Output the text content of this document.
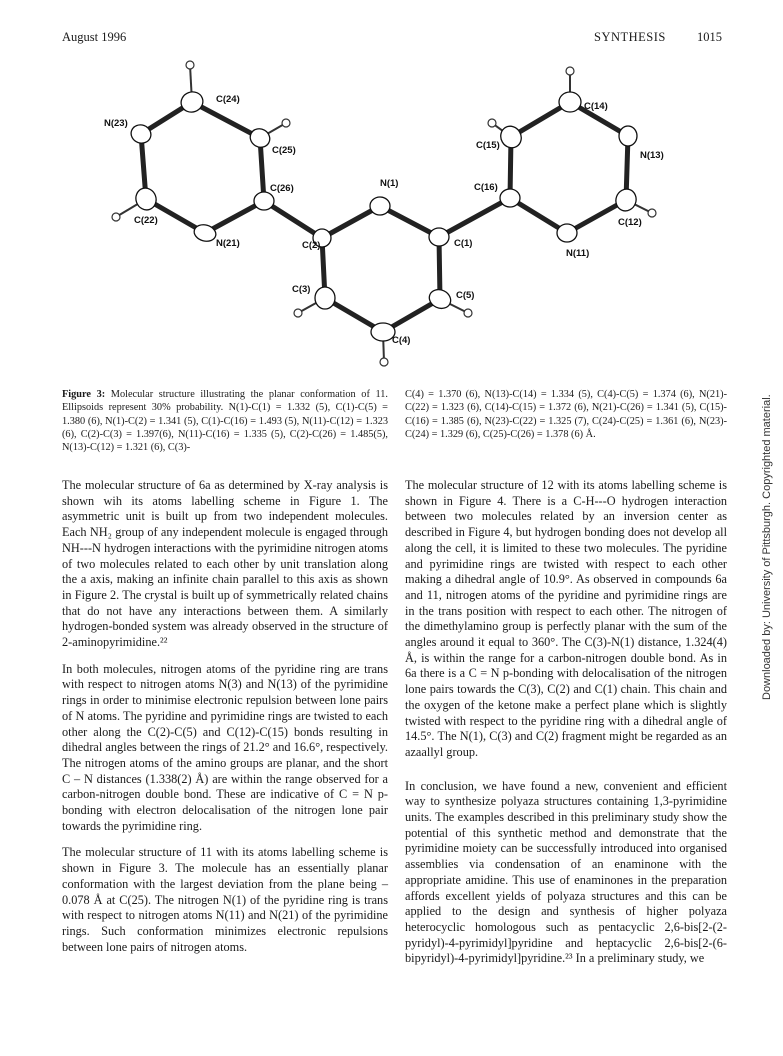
August 1996	SYNTHESIS 1015
N(23)
C(24)
C(25)
C(26)
C(22)
N(21)
N(1)
C(2)	C(1)
C(3)
C(4)
C(5)
C(16)
C(15)
C(14)
N(13)
C(12)
N(11)
Figure 3: Molecular structure illustrating the planar conformation of 11. Ellipsoids represent 30% probability. N(1)-C(1) = 1.332 (5), C(1)-C(5) = 1.380 (6), N(1)-C(2) = 1.341 (5), C(1)-C(16) = 1.493 (5), N(11)-C(12) = 1.323 (6), C(2)-C(3) = 1.397(6), N(11)-C(16) = 1.335 (5), C(2)-C(26) = 1.485(5), N(13)-C(12) = 1.321 (6), C(3)-
C(4) = 1.370 (6), N(13)-C(14) = 1.334 (5), C(4)-C(5) = 1.374 (6), N(21)-C(22) = 1.323 (6), C(14)-C(15) = 1.372 (6), N(21)-C(26) = 1.341 (5), C(15)-C(16) = 1.385 (6), N(23)-C(22) = 1.325 (7), C(24)-C(25) = 1.361 (6), N(23)-C(24) = 1.329 (6), C(25)-C(26) = 1.378 (6) Å.

The molecular structure of 6a as determined by X-ray analysis is shown wih its atoms labelling scheme in Figure 1. The asymmetric unit is built up from two independent molecules. Each NH₂ group of any independent molecule is engaged through NH---N hydrogen interactions with the pyrimidine nitrogen atoms of two molecules related to each other by unit translation along the a axis, making an infinite chain parallel to this axis as shown in Figure 2. The crystal is built up of symmetrically related chains that do not have any interactions between them. A similarly hydrogen-bonded system was already observed in the structure of 2-aminopyrimidine.²²

In both molecules, nitrogen atoms of the pyridine ring are trans with respect to nitrogen atoms N(3) and N(13) of the pyrimidine rings in order to minimise electronic repulsion between lone pairs of N atoms. The pyridine and pyrimidine rings are twisted to each other along the C(2)-C(5) and C(12)-C(15) bonds resulting in dihedral angles between the rings of 21.2° and 16.6°, respectively. The nitrogen atoms of the amino groups are planar, and the short C – N distances (1.338(2) Å) are within the range observed for a carbon-nitrogen double bond. These are indicative of C = N p-bonding with electron delocalisation of the nitrogen lone pair towards the pyrimidine ring.

The molecular structure of 11 with its atoms labelling scheme is shown in Figure 3. The molecule has an essentially planar conformation with the largest deviation from the plane being – 0.078 Å at C(25). The nitrogen N(1) of the pyridine ring is trans with respect to nitrogen atoms N(11) and N(21) of the pyrimidine rings. Such conformation minimizes electronic repulsions between lone pairs of nitrogen atoms.

The molecular structure of 12 with its atoms labelling scheme is shown in Figure 4. There is a C-H---O hydrogen interaction between two molecules related by an inversion center as described in Figure 4, but hydrogen bonding does not develop all along the cell, it is limited to these two molecules. The pyridine and pyrimidine rings are twisted with respect to each other making a dihedral angle of 10.9°. As observed in compounds 6a and 11, nitrogen atoms of the pyridine and pyrimidine rings are in the trans position with respect to each other. The nitrogen of the dimethylamino group is perfectly planar with the sum of the angles around it equal to 360°. The C(3)-N(1) distance, 1.324(4) Å, is within the range for a carbon-nitrogen double bond. As in 6a there is a C = N p-bonding with delocalisation of the nitrogen lone pairs towards the C(3), C(2) and C(1) chain. This chain and the oxygen of the ketone make a perfect plane which is slightly twisted with respect to the pyridine ring with a dihedral angle of 14.5°. The N(1), C(3) and C(2) fragment might be regarded as an azaallyl group.

In conclusion, we have found a new, convenient and efficient way to synthesize polyaza structures containing 1,3-pyrimidine units. The examples described in this preliminary study show the potential of this synthetic method and demonstrate that the pyrimidine moiety can be successfully introduced into organised assemblies via condensation of an enaminone with the appropriate amidine. This use of enaminones in the preparation affords excellent yields of polyaza structures and this can be applied to the design and synthesis of higher polyaza heterocyclic homologous such as pentacyclic 2,6-bis[2-(2-pyridyl)-4-pyrimidyl]pyridine and heptacyclic 2,6-bis[2-(6-bipyridyl)-4-pyrimidyl]pyridine.²³ In a preliminary study, we

Downloaded by: University of Pittsburgh. Copyrighted material.
